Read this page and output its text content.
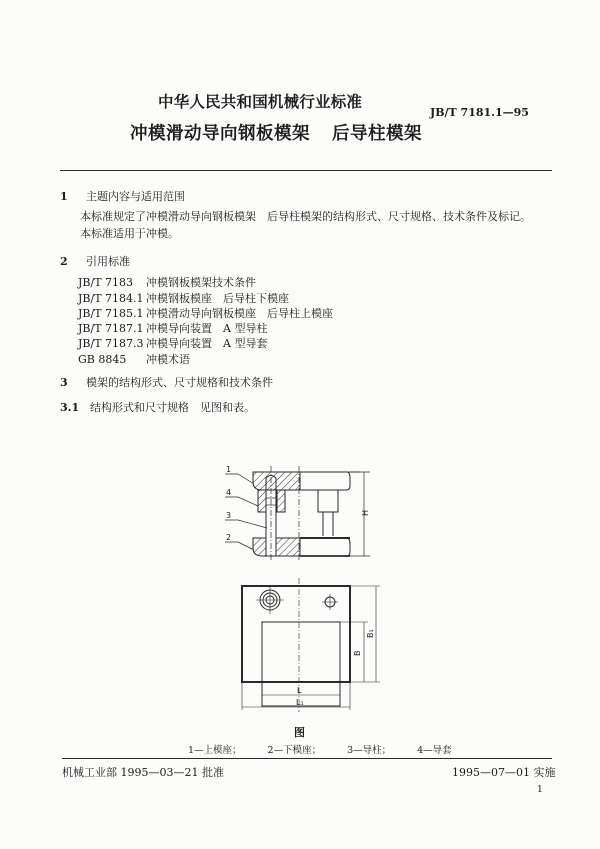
中华人民共和国机械行业标准
JB/T 7181.1—95
冲模滑动导向钢板模架 后导柱模架
1 主题内容与适用范围
本标准规定了冲模滑动导向钢板模架　后导柱模架的结构形式、尺寸规格、技术条件及标记。
本标准适用于冲模。
2 引用标准
JB/T 7183 冲模钢板模架技术条件
JB/T 7184.1 冲模钢板模座　后导柱下模座
JB/T 7185.1 冲模滑动导向钢板模座　后导柱上模座
JB/T 7187.1 冲模导向装置　A 型导柱
JB/T 7187.3 冲模导向装置　A 型导套
GB 8845 冲模术语
3 模架的结构形式、尺寸规格和技术条件
3.1 结构形式和尺寸规格　见图和表。
1
4
3
2
H
B₁
B
L
L₁
图
1—上模座；	2—下模座；	3—导柱；	4—导套
机械工业部 1995—03—21 批准	1995—07—01 实施
1
